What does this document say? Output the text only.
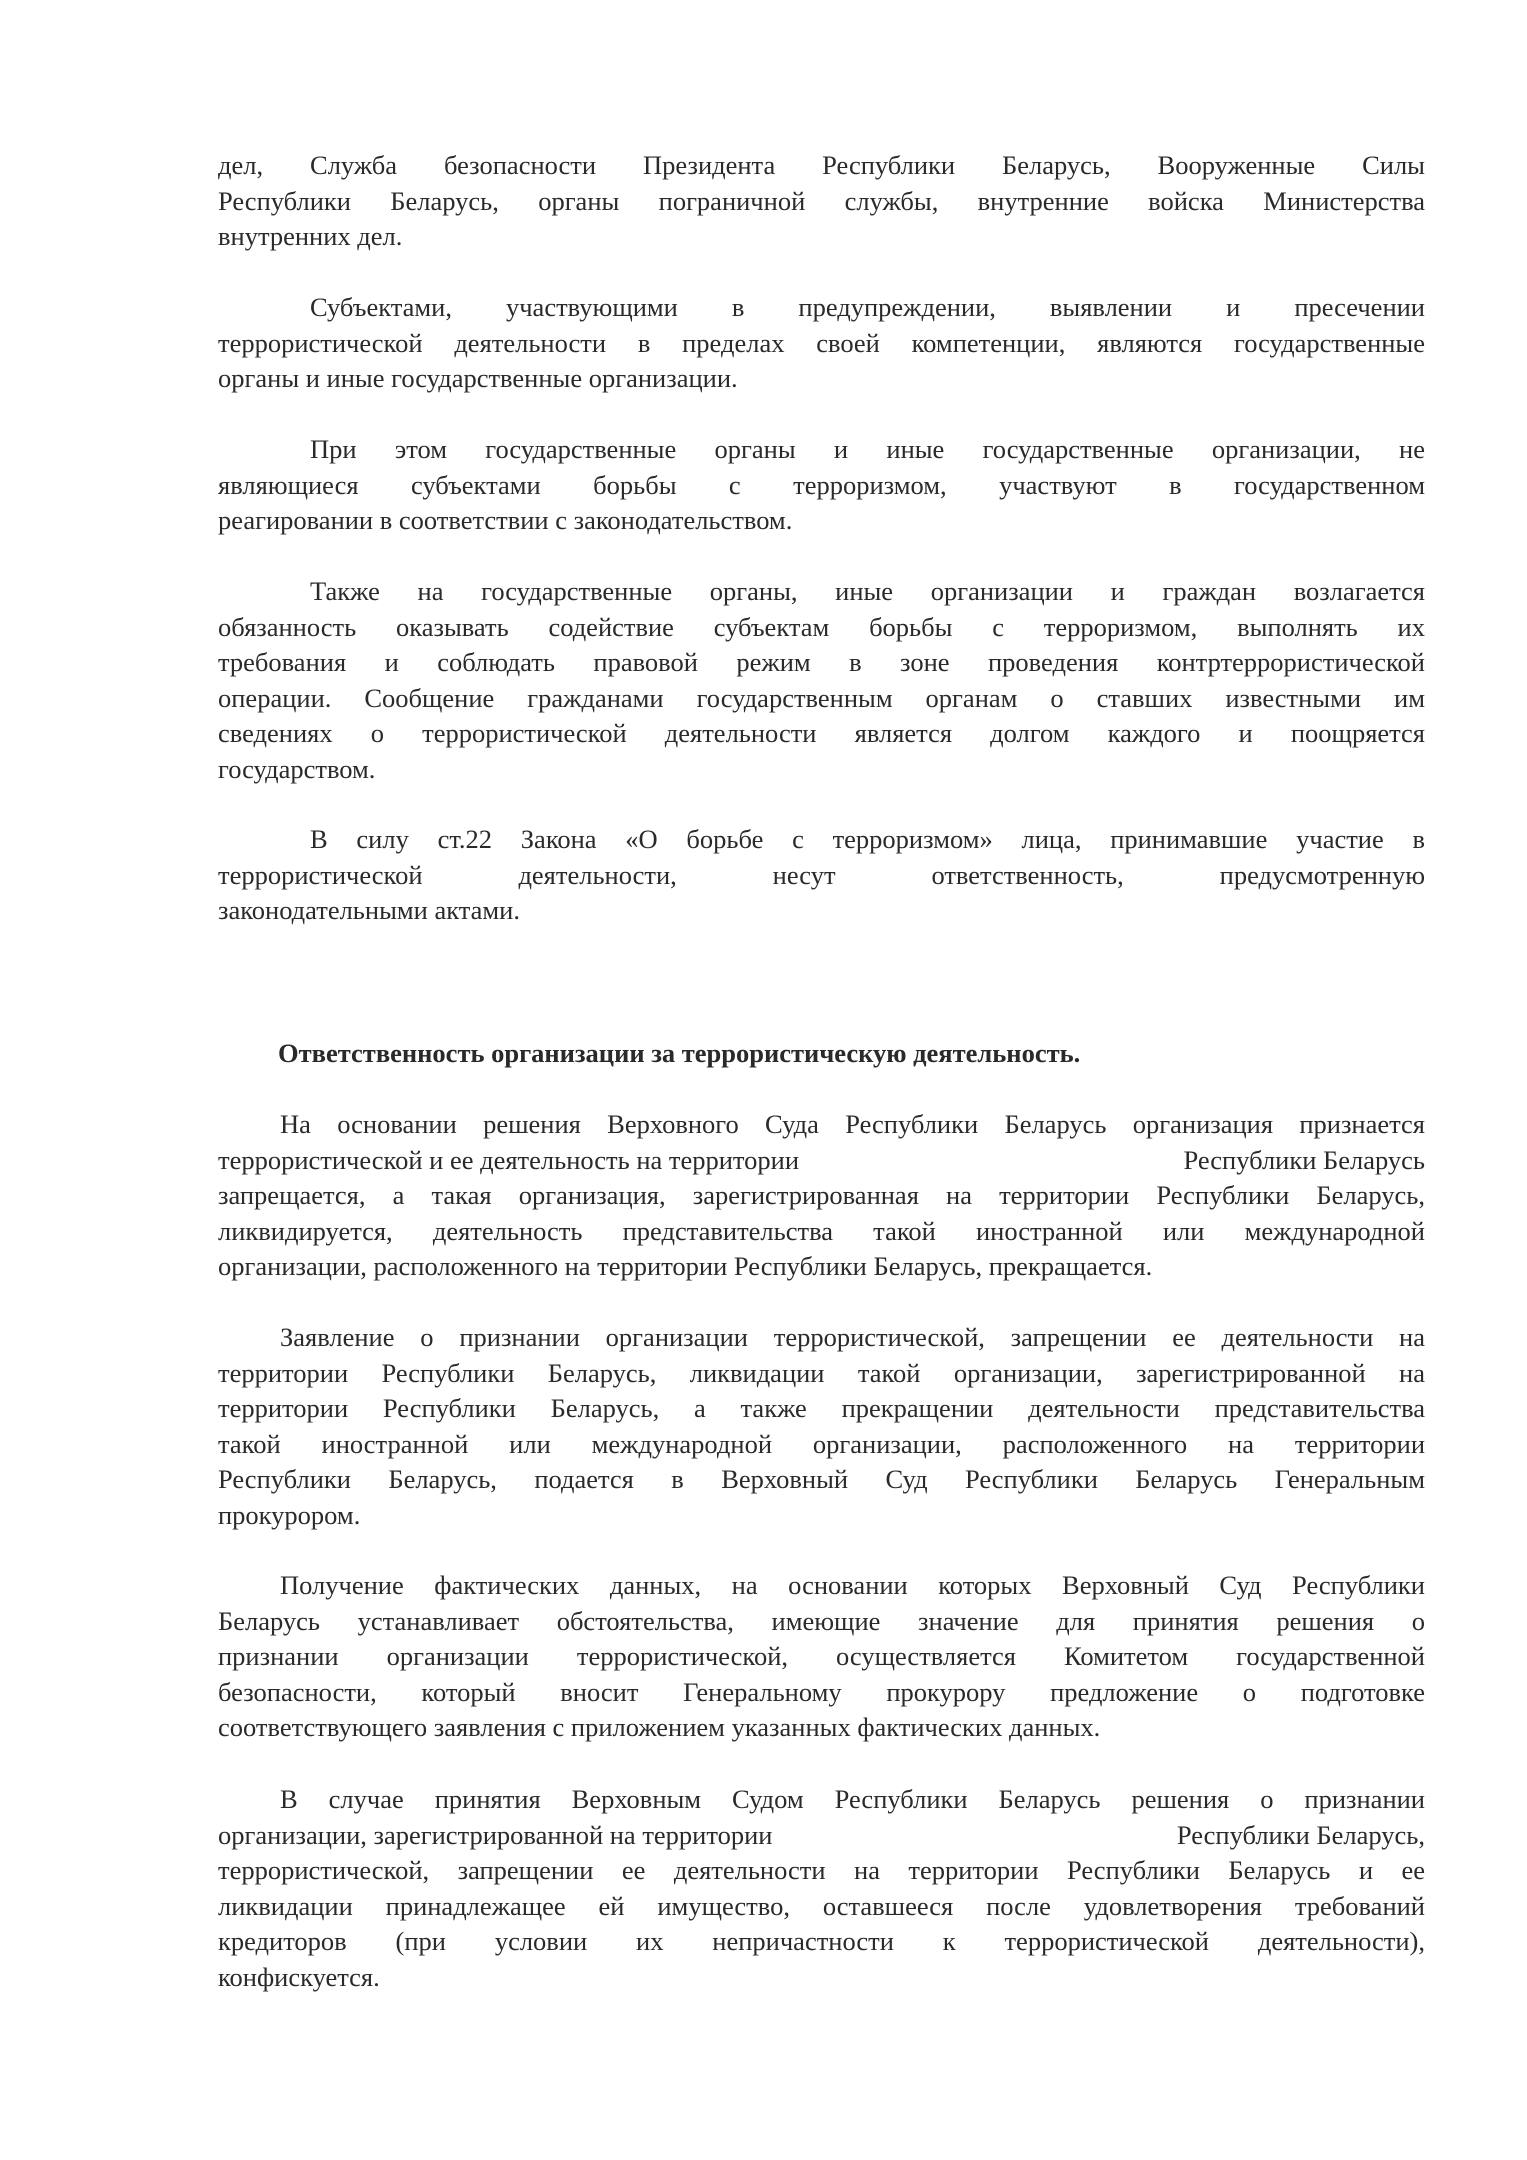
дел, Служба безопасности Президента Республики Беларусь, Вооруженные Силы
Республики Беларусь, органы пограничной службы, внутренние войска Министерства
внутренних дел.
Субъектами, участвующими в предупреждении, выявлении и пресечении
террористической деятельности в пределах своей компетенции, являются государственные
органы и иные государственные организации.
При этом государственные органы и иные государственные организации, не
являющиеся субъектами борьбы с терроризмом, участвуют в государственном
реагировании в соответствии с законодательством.
Также на государственные органы, иные организации и граждан возлагается
обязанность оказывать содействие субъектам борьбы с терроризмом, выполнять их
требования и соблюдать правовой режим в зоне проведения контртеррористической
операции. Сообщение гражданами государственным органам о ставших известными им
сведениях о террористической деятельности является долгом каждого и поощряется
государством.
В силу ст.22 Закона «О борьбе с терроризмом» лица, принимавшие участие в
террористической деятельности, несут ответственность, предусмотренную
законодательными актами.
Ответственность организации за террористическую деятельность.
На основании решения Верховного Суда Республики Беларусь организация признается
террористической и ее деятельность на территории	Республики Беларусь
запрещается, а такая организация, зарегистрированная на территории Республики Беларусь,
ликвидируется, деятельность представительства такой иностранной или международной
организации, расположенного на территории Республики Беларусь, прекращается.
Заявление о признании организации террористической, запрещении ее деятельности на
территории Республики Беларусь, ликвидации такой организации, зарегистрированной на
территории Республики Беларусь, а также прекращении деятельности представительства
такой иностранной или международной организации, расположенного на территории
Республики Беларусь, подается в Верховный Суд Республики Беларусь Генеральным
прокурором.
Получение фактических данных, на основании которых Верховный Суд Республики
Беларусь устанавливает обстоятельства, имеющие значение для принятия решения о
признании организации террористической, осуществляется Комитетом государственной
безопасности, который вносит Генеральному прокурору предложение о подготовке
соответствующего заявления с приложением указанных фактических данных.
В случае принятия Верховным Судом Республики Беларусь решения о признании
организации, зарегистрированной на территории	Республики Беларусь,
террористической, запрещении ее деятельности на территории Республики Беларусь и ее
ликвидации принадлежащее ей имущество, оставшееся после удовлетворения требований
кредиторов (при условии их непричастности к террористической деятельности),
конфискуется.
